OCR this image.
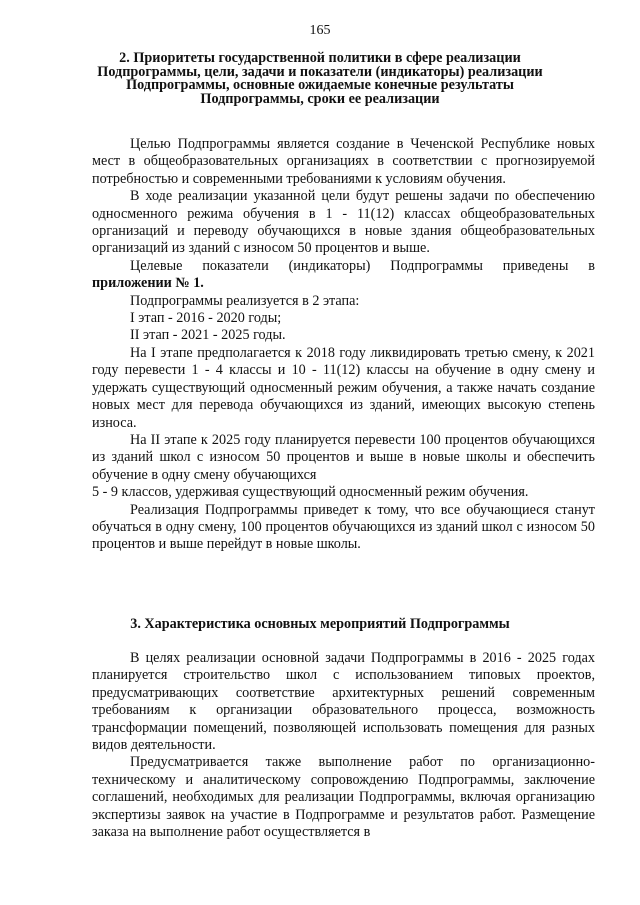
165
2. Приоритеты государственной политики в сфере реализации
Подпрограммы, цели, задачи и показатели (индикаторы) реализации
Подпрограммы, основные ожидаемые конечные результаты
Подпрограммы, сроки ее реализации

Целью Подпрограммы является создание в Чеченской Республике новых мест в общеобразовательных организациях в соответствии с прогнозируемой потребностью и современными требованиями к условиям обучения.

В ходе реализации указанной цели будут решены задачи по обеспечению односменного режима обучения в 1 - 11(12) классах общеобразовательных организаций и переводу обучающихся в новые здания общеобразовательных организаций из зданий с износом 50 процентов и выше.

Целевые показатели (индикаторы) Подпрограммы приведены в приложении № 1.

Подпрограммы реализуется в 2 этапа:

I этап - 2016 - 2020 годы;

II этап - 2021 - 2025 годы.

На I этапе предполагается к 2018 году ликвидировать третью смену, к 2021 году перевести 1 - 4 классы и 10 - 11(12) классы на обучение в одну смену и удержать существующий односменный режим обучения, а также начать создание новых мест для перевода обучающихся из зданий, имеющих высокую степень износа.

На II этапе к 2025 году планируется перевести 100 процентов обучающихся из зданий школ с износом 50 процентов и выше в новые школы и обеспечить обучение в одну смену обучающихся

5 - 9 классов, удерживая существующий односменный режим обучения.

Реализация Подпрограммы приведет к тому, что все обучающиеся станут обучаться в одну смену, 100 процентов обучающихся из зданий школ с износом 50 процентов и выше перейдут в новые школы.

3. Характеристика основных мероприятий Подпрограммы

В целях реализации основной задачи Подпрограммы в 2016 - 2025 годах планируется строительство школ с использованием типовых проектов, предусматривающих соответствие архитектурных решений современным требованиям к организации образовательного процесса, возможность трансформации помещений, позволяющей использовать помещения для разных видов деятельности.

Предусматривается также выполнение работ по организационно-техническому и аналитическому сопровождению Подпрограммы, заключение соглашений, необходимых для реализации Подпрограммы, включая организацию экспертизы заявок на участие в Подпрограмме и результатов работ. Размещение заказа на выполнение работ осуществляется в
